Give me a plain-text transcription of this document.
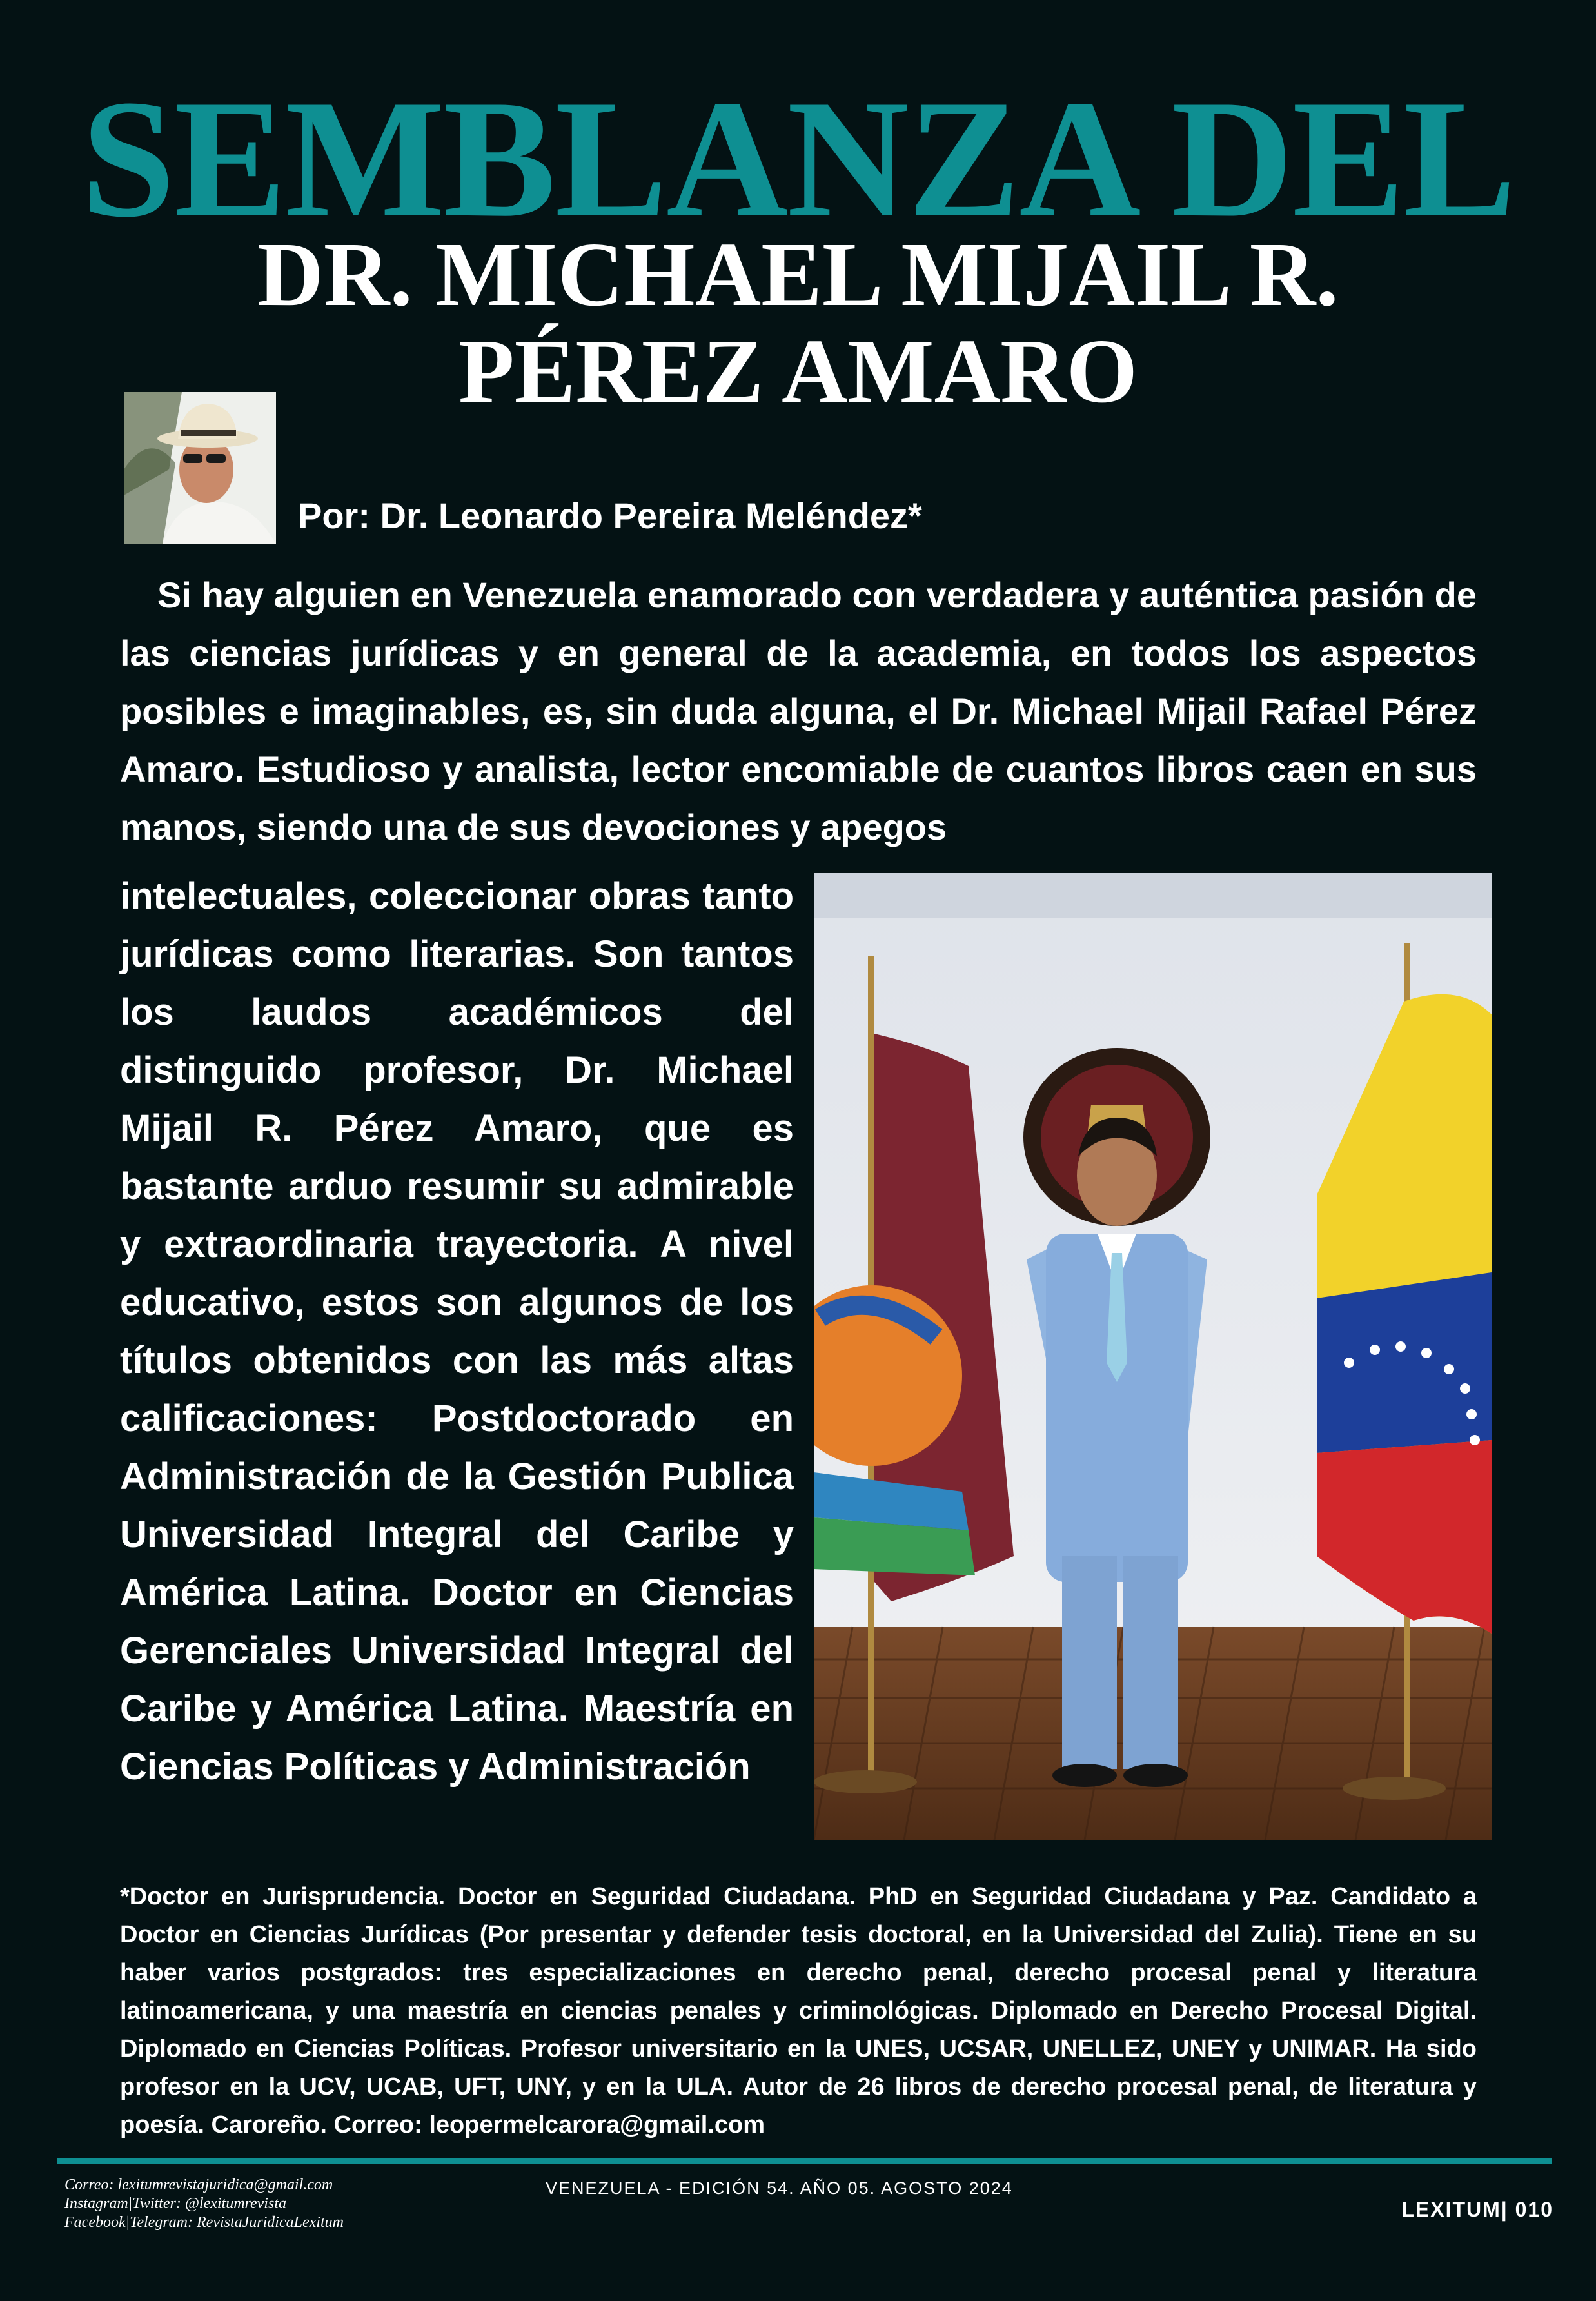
SEMBLANZA DEL
DR. MICHAEL MIJAIL R.
PÉREZ AMARO
Por: Dr. Leonardo Pereira Meléndez*

Si hay alguien en Venezuela enamorado con verdadera y auténtica pasión de las ciencias jurídicas y en general de la academia, en todos los aspectos posibles e imaginables, es, sin duda alguna, el Dr. Michael Mijail Rafael Pérez Amaro. Estudioso y analista, lector encomiable de cuantos libros caen en sus manos, siendo una de sus devociones y apegos

intelectuales, coleccionar obras tanto jurídicas como literarias. Son tantos los laudos académicos del distinguido profesor, Dr. Michael Mijail R. Pérez Amaro, que es bastante arduo resumir su admirable y extraordinaria trayectoria. A nivel educativo, estos son algunos de los títulos obtenidos con las más altas calificaciones: Postdoctorado en Administración de la Gestión Publica Universidad Integral del Caribe y América Latina. Doctor en Ciencias Gerenciales Universidad Integral del Caribe y América Latina. Maestría en Ciencias Políticas y Administración

*Doctor en Jurisprudencia. Doctor en Seguridad Ciudadana. PhD en Seguridad Ciudadana y Paz. Candidato a Doctor en Ciencias Jurídicas (Por presentar y defender tesis doctoral, en la Universidad del Zulia). Tiene en su haber varios postgrados: tres especializaciones en derecho penal, derecho procesal penal y literatura latinoamericana, y una maestría en ciencias penales y criminológicas. Diplomado en Derecho Procesal Digital. Diplomado en Ciencias Políticas. Profesor universitario en la UNES, UCSAR, UNELLEZ, UNEY y UNIMAR. Ha sido profesor en la UCV, UCAB, UFT, UNY, y en la ULA. Autor de 26 libros de derecho procesal penal, de literatura y poesía. Caroreño. Correo: leopermelcarora@gmail.com

Correo: lexitumrevistajuridica@gmail.com
Instagram|Twitter: @lexitumrevista
Facebook|Telegram: RevistaJuridicaLexitum
VENEZUELA - EDICIÓN 54. AÑO 05. AGOSTO 2024
LEXITUM| 010
